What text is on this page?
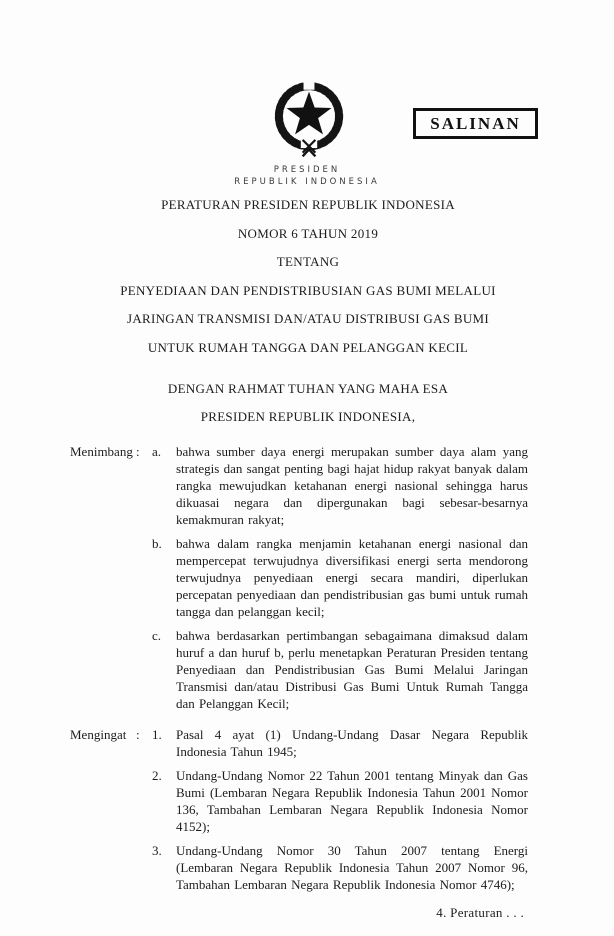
SALINAN
PRESIDEN
REPUBLIK INDONESIA
PERATURAN PRESIDEN REPUBLIK INDONESIA
NOMOR 6 TAHUN 2019
TENTANG
PENYEDIAAN DAN PENDISTRIBUSIAN GAS BUMI MELALUI
JARINGAN TRANSMISI DAN/ATAU DISTRIBUSI GAS BUMI
UNTUK RUMAH TANGGA DAN PELANGGAN KECIL
DENGAN RAHMAT TUHAN YANG MAHA ESA
PRESIDEN REPUBLIK INDONESIA,
Menimbang : a.	bahwa sumber daya energi merupakan sumber daya alam yang strategis dan sangat penting bagi hajat hidup rakyat banyak dalam rangka mewujudkan ketahanan energi nasional sehingga harus dikuasai negara dan dipergunakan bagi sebesar-besarnya kemakmuran rakyat;
b.	bahwa dalam rangka menjamin ketahanan energi nasional dan mempercepat terwujudnya diversifikasi energi serta mendorong terwujudnya penyediaan energi secara mandiri, diperlukan percepatan penyediaan dan pendistribusian gas bumi untuk rumah tangga dan pelanggan kecil;
c.	bahwa berdasarkan pertimbangan sebagaimana dimaksud dalam huruf a dan huruf b, perlu menetapkan Peraturan Presiden tentang Penyediaan dan Pendistribusian Gas Bumi Melalui Jaringan Transmisi dan/atau Distribusi Gas Bumi Untuk Rumah Tangga dan Pelanggan Kecil;
Mengingat : 1.	Pasal 4 ayat (1) Undang-Undang Dasar Negara Republik Indonesia Tahun 1945;
2.	Undang-Undang Nomor 22 Tahun 2001 tentang Minyak dan Gas Bumi (Lembaran Negara Republik Indonesia Tahun 2001 Nomor 136, Tambahan Lembaran Negara Republik Indonesia Nomor 4152);
3.	Undang-Undang Nomor 30 Tahun 2007 tentang Energi (Lembaran Negara Republik Indonesia Tahun 2007 Nomor 96, Tambahan Lembaran Negara Republik Indonesia Nomor 4746);
4. Peraturan . . .
